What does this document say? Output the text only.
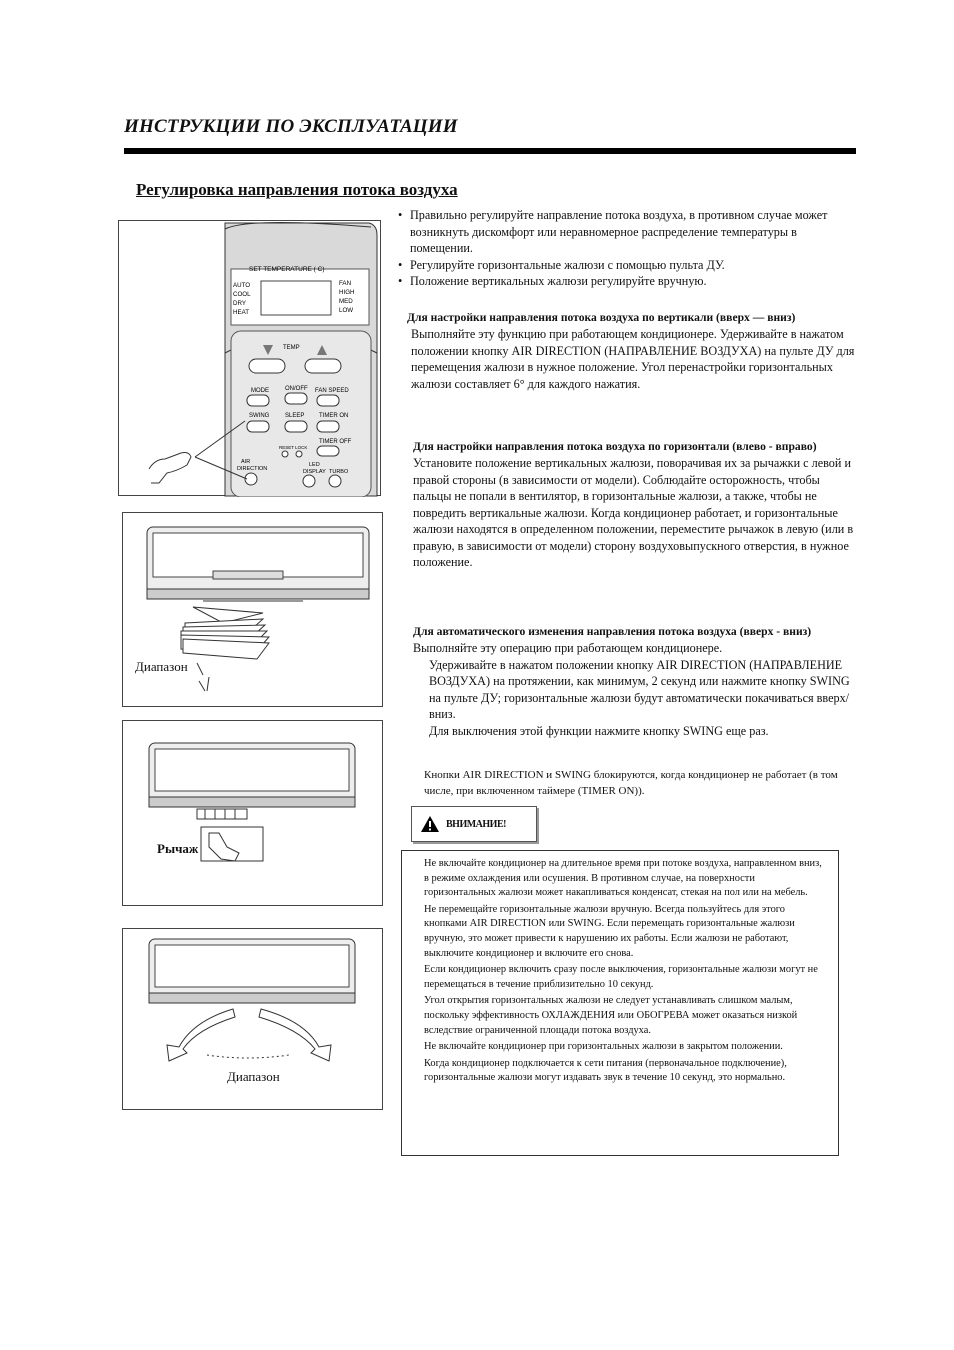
ИНСТРУКЦИИ ПО ЭКСПЛУАТАЦИИ
Регулировка направления потока воздуха
SET TEMPERATURE ( C)
AUTO
COOL
DRY
HEAT
FAN
HIGH
MED
LOW
TEMP
MODE	ON/OFF FAN SPEED
SWING	SLEEP TIMER ON
TIMER OFF
RESET LOCK
AIR
DIRECTION
LED
DISPLAY TURBO
Диапазон
Рычаж
Диапазон
• Правильно регулируйте направление потока воздуха, в противном случае может возникнуть дискомфорт или неравномерное распределение температуры в помещении.
• Регулируйте горизонтальные жалюзи с помощью пульта ДУ.
• Положение вертикальных жалюзи регулируйте вручную.

Для настройки направления потока воздуха по вертикали (вверх — вниз)

Выполняйте эту функцию при работающем кондиционере. Удерживайте в нажатом положении кнопку AIR DIRECTION (НАПРАВЛЕНИЕ ВОЗДУХА) на пульте ДУ для перемещения жалюзи в нужное положение. Угол перенастройки горизонтальных жалюзи составляет 6° для каждого нажатия.

Для настройки направления потока воздуха по горизонтали (влево - вправо)

Установите положение вертикальных жалюзи, поворачивая их за рычажки с левой и правой стороны (в зависимости от модели). Соблюдайте осторожность, чтобы пальцы не попали в вентилятор, в горизонтальные жалюзи, а также, чтобы не повредить вертикальные жалюзи. Когда кондиционер работает, и горизонтальные жалюзи находятся в определенном положении, переместите рычажок в левую (или в правую, в зависимости от модели) сторону воздуховыпускного отверстия, в нужное положение.

Для автоматического изменения направления потока воздуха (вверх - вниз)

Выполняйте эту операцию при работающем кондиционере.

Удерживайте в нажатом положении кнопку AIR DIRECTION (НАПРАВЛЕНИЕ ВОЗДУХА) на протяжении, как минимум, 2 секунд или нажмите кнопку SWING на пульте ДУ; горизонтальные жалюзи будут автоматически покачиваться вверх/вниз.

Для выключения этой функции нажмите кнопку SWING еще раз.

Кнопки AIR DIRECTION и SWING блокируются, когда кондиционер не работает (в том числе, при включенном таймере (TIMER ON)).
ВНИМАНИЕ!

Не включайте кондиционер на длительное время при потоке воздуха, направленном вниз, в режиме охлаждения или осушения. В противном случае, на поверхности горизонтальных жалюзи может накапливаться конденсат, стекая на пол или на мебель.

Не перемещайте горизонтальные жалюзи вручную. Всегда пользуйтесь для этого кнопками AIR DIRECTION или SWING. Если перемещать горизонтальные жалюзи вручную, это может привести к нарушению их работы. Если жалюзи не работают, выключите кондиционер и включите его снова.

Если кондиционер включить сразу после выключения, горизонтальные жалюзи могут не перемещаться в течение приблизительно 10 секунд.

Угол открытия горизонтальных жалюзи не следует устанавливать слишком малым, поскольку эффективность ОХЛАЖДЕНИЯ или ОБОГРЕВА может оказаться низкой вследствие ограниченной площади потока воздуха.

Не включайте кондиционер при горизонтальных жалюзи в закрытом положении.

Когда кондиционер подключается к сети питания (первоначальное подключение), горизонтальные жалюзи могут издавать звук в течение 10 секунд, это нормально.
